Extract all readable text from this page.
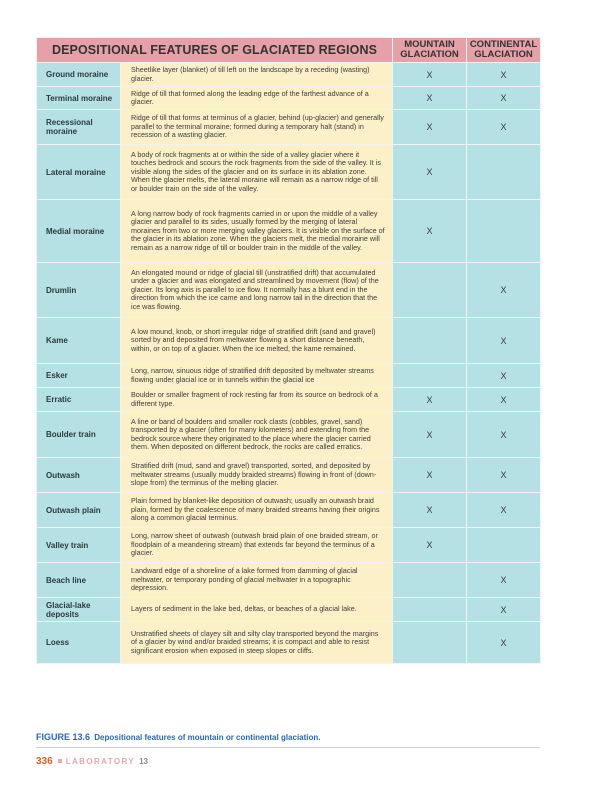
DEPOSITIONAL FEATURES OF GLACIATED REGIONS		MOUNTAIN GLACIATION	CONTINENTAL GLACIATION
Ground moraine	Sheetlike layer (blanket) of till left on the landscape by a receding (wasting) glacier.	X	X
Terminal moraine	Ridge of till that formed along the leading edge of the farthest advance of a glacier.	X	X
Recessional moraine	Ridge of till that forms at terminus of a glacier, behind (up-glacier) and generally parallel to the terminal moraine; formed during a temporary halt (stand) in recession of a wasting glacier.	X	X
Lateral moraine	A body of rock fragments at or within the side of a valley glacier where it touches bedrock and scours the rock fragments from the side of the valley. It is visible along the sides of the glacier and on its surface in its ablation zone. When the glacier melts, the lateral moraine will remain as a narrow ridge of till or boulder train on the side of the valley.	X	
Medial moraine	A long narrow body of rock fragments carried in or upon the middle of a valley glacier and parallel to its sides, usually formed by the merging of lateral moraines from two or more merging valley glaciers. It is visible on the surface of the glacier in its ablation zone. When the glaciers melt, the medial moraine will remain as a narrow ridge of till or boulder train in the middle of the valley.	X	
Drumlin	An elongated mound or ridge of glacial till (unstratified drift) that accumulated under a glacier and was elongated and streamlined by movement (flow) of the glacier. Its long axis is parallel to ice flow. It normally has a blunt end in the direction from which the ice came and long narrow tail in the direction that the ice was flowing.		X
Kame	A low mound, knob, or short irregular ridge of stratified drift (sand and gravel) sorted by and deposited from meltwater flowing a short distance beneath, within, or on top of a glacier. When the ice melted, the kame remained.		X
Esker	Long, narrow, sinuous ridge of stratified drift deposited by meltwater streams flowing under glacial ice or in tunnels within the glacial ice		X
Erratic	Boulder or smaller fragment of rock resting far from its source on bedrock of a different type.	X	X
Boulder train	A line or band of boulders and smaller rock clasts (cobbles, gravel, sand) transported by a glacier (often for many kilometers) and extending from the bedrock source where they originated to the place where the glacier carried them. When deposited on different bedrock, the rocks are called erratics.	X	X
Outwash	Stratified drift (mud, sand and gravel) transported, sorted, and deposited by meltwater streams (usually muddy braided streams) flowing in front of (down-slope from) the terminus of the melting glacier.	X	X
Outwash plain	Plain formed by blanket-like deposition of outwash; usually an outwash braid plain, formed by the coalescence of many braided streams having their origins along a common glacial terminus.	X	X
Valley train	Long, narrow sheet of outwash (outwash braid plain of one braided stream, or floodplain of a meandering stream) that extends far beyond the terminus of a glacier.	X	
Beach line	Landward edge of a shoreline of a lake formed from damming of glacial meltwater, or temporary ponding of glacial meltwater in a topographic depression.		X
Glacial-lake deposits	Layers of sediment in the lake bed, deltas, or beaches of a glacial lake.		X
Loess	Unstratified sheets of clayey silt and silty clay transported beyond the margins of a glacier by wind and/or braided streams; it is compact and able to resist significant erosion when exposed in steep slopes or cliffs.		X
FIGURE 13.6 Depositional features of mountain or continental glaciation.
336 LABORATORY 13
